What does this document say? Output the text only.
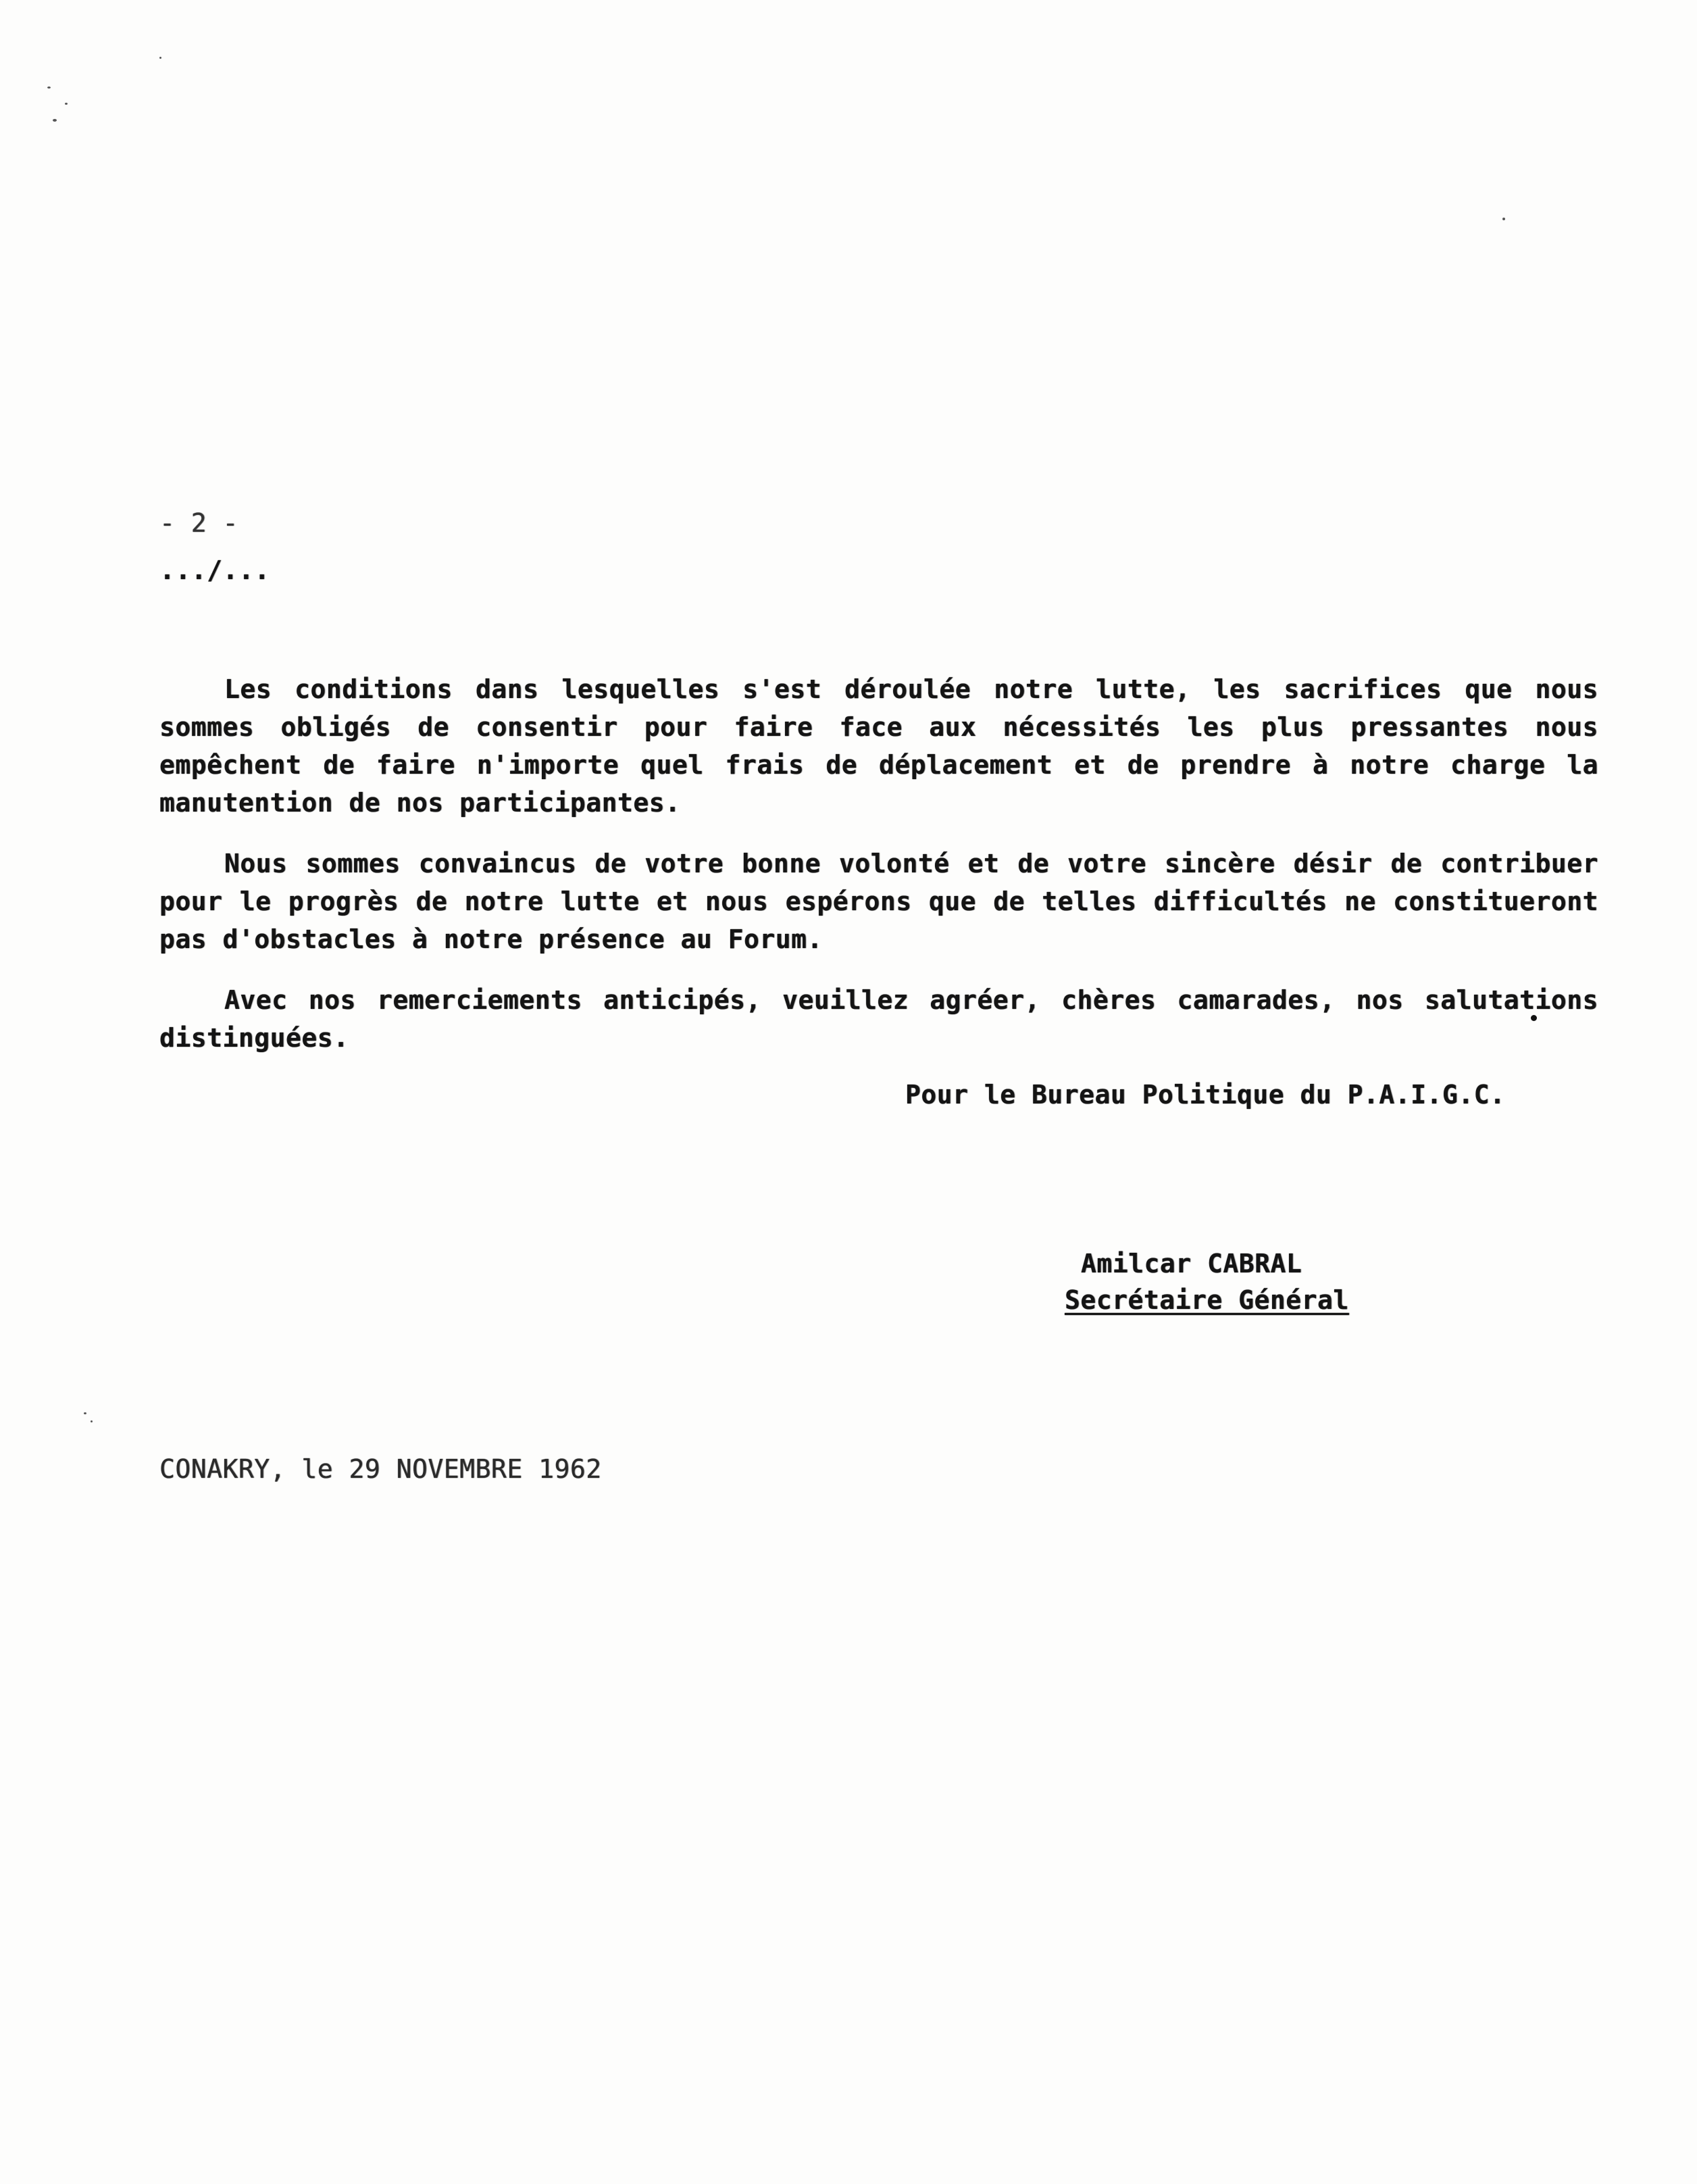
- 2 -
.../...

Les conditions dans lesquelles s'est déroulée notre lutte, les sacrifices que nous sommes obligés de consentir pour faire face aux nécessités les plus pressantes nous empêchent de faire n'importe quel frais de déplacement et de prendre à notre charge la manutention de nos participantes.

Nous sommes convaincus de votre bonne volonté et de votre sincère désir de contribuer pour le progrès de notre lutte et nous espérons que de telles difficultés ne constitueront pas d'obstacles à notre présence au Forum.

Avec nos remerciements anticipés, veuillez agréer, chères camarades, nos salutations distinguées.

Pour le Bureau Politique du P.A.I.G.C.
Amilcar CABRAL
Secrétaire Général
CONAKRY, le 29 NOVEMBRE 1962
